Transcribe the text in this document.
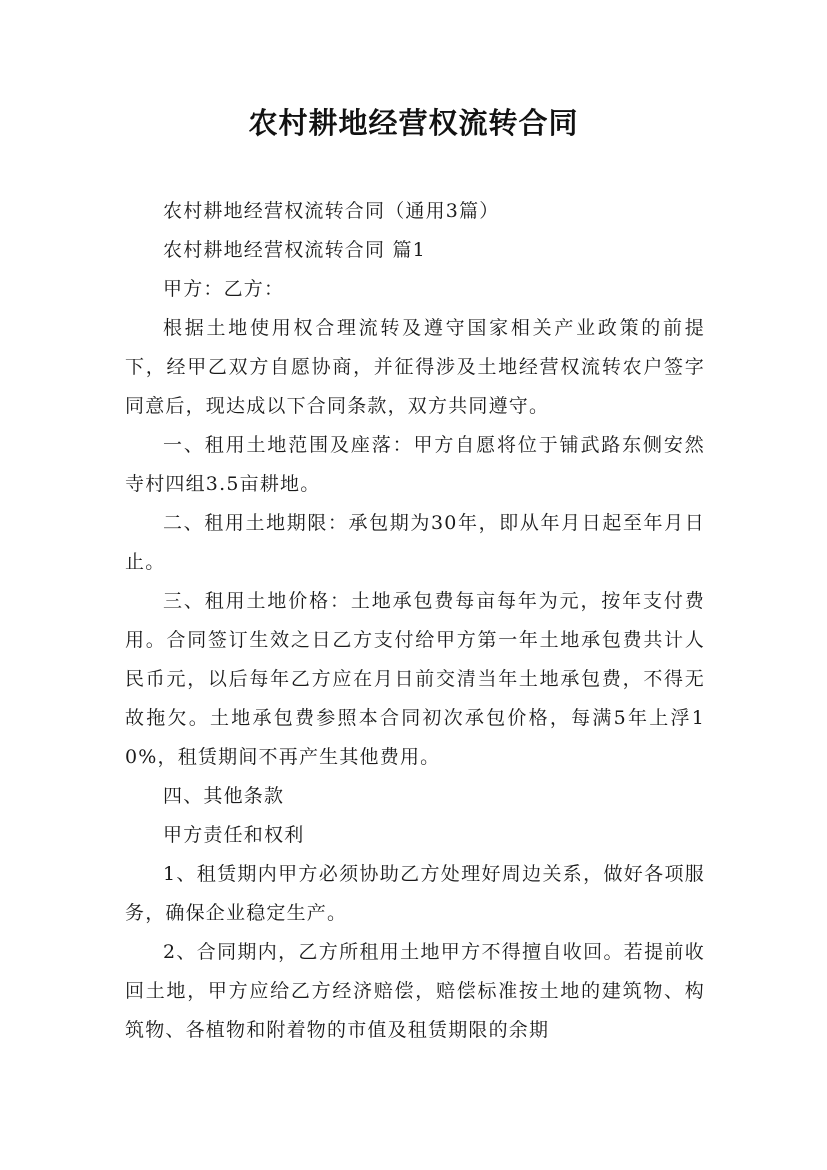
农村耕地经营权流转合同

农村耕地经营权流转合同（通用3篇）

农村耕地经营权流转合同 篇1

甲方：乙方：

根据土地使用权合理流转及遵守国家相关产业政策的前提下，经甲乙双方自愿协商，并征得涉及土地经营权流转农户签字同意后，现达成以下合同条款，双方共同遵守。

一、租用土地范围及座落：甲方自愿将位于铺武路东侧安然寺村四组3.5亩耕地。

二、租用土地期限：承包期为30年，即从年月日起至年月日止。

三、租用土地价格：土地承包费每亩每年为元，按年支付费用。合同签订生效之日乙方支付给甲方第一年土地承包费共计人民币元，以后每年乙方应在月日前交清当年土地承包费，不得无故拖欠。土地承包费参照本合同初次承包价格，每满5年上浮10%，租赁期间不再产生其他费用。

四、其他条款

甲方责任和权利

1、租赁期内甲方必须协助乙方处理好周边关系，做好各项服务，确保企业稳定生产。

2、合同期内，乙方所租用土地甲方不得擅自收回。若提前收回土地，甲方应给乙方经济赔偿，赔偿标准按土地的建筑物、构筑物、各植物和附着物的市值及租赁期限的余期
